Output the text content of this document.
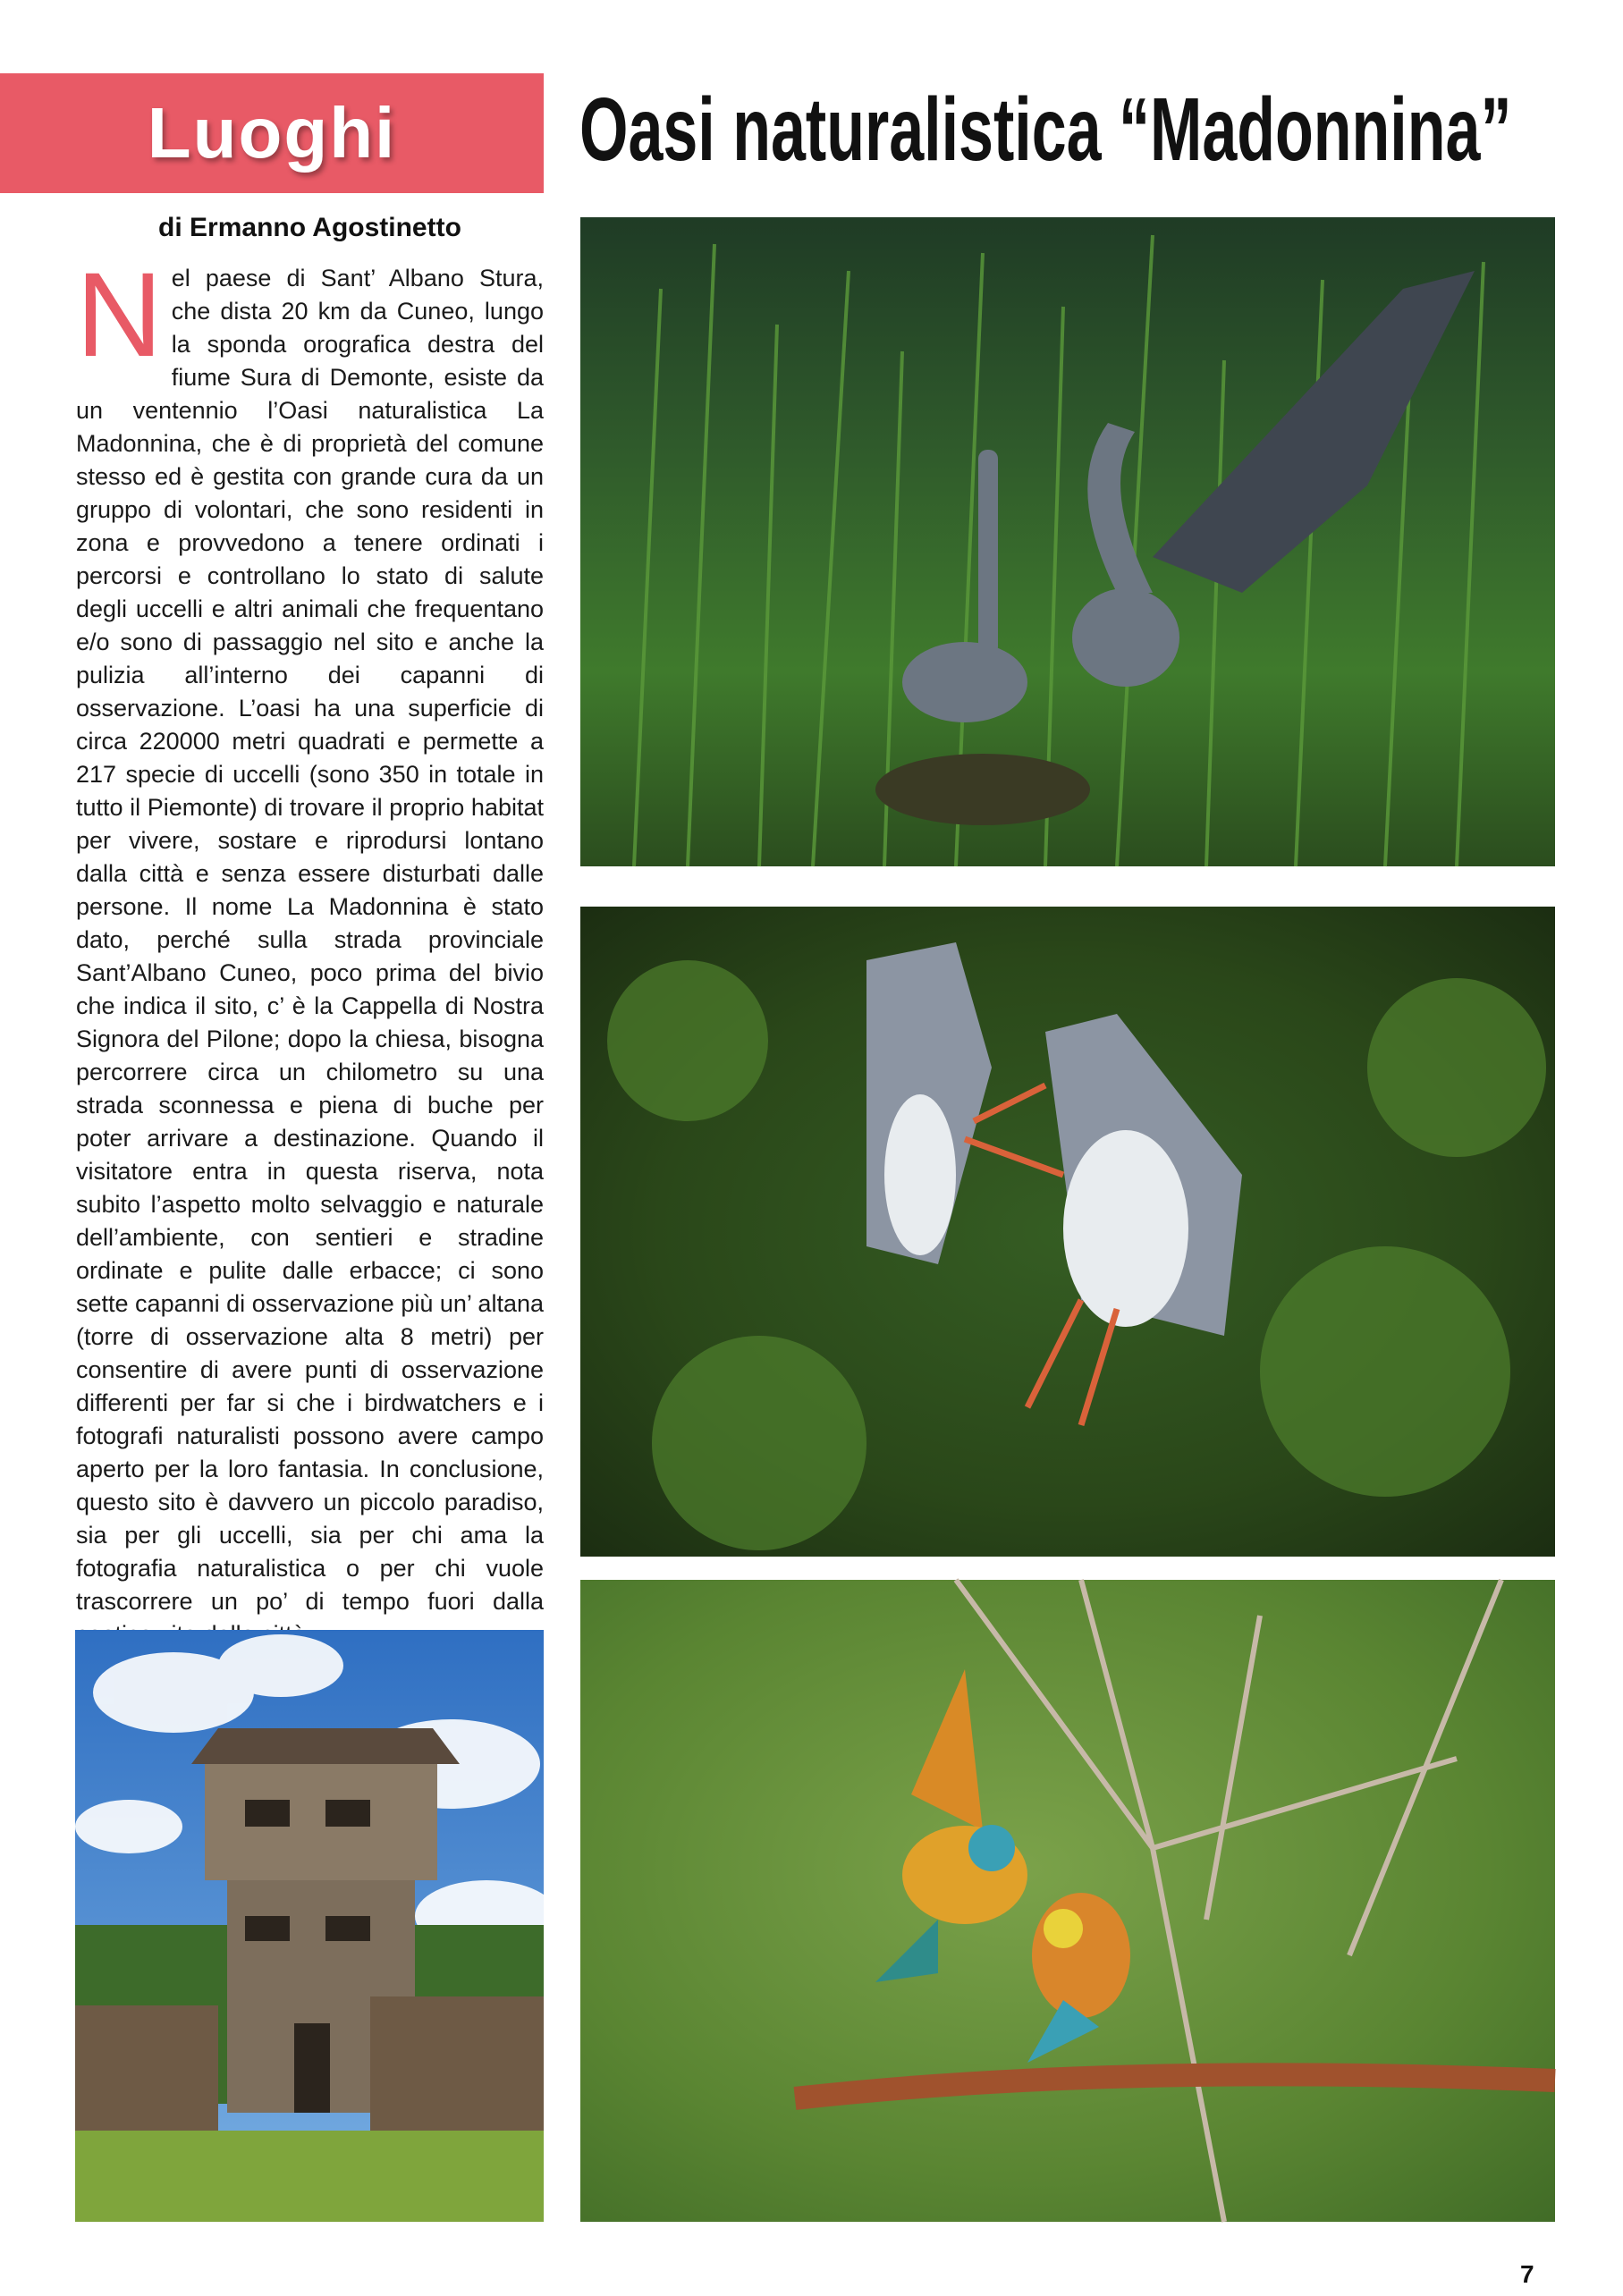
Luoghi	Oasi naturalistica “Madonnina”
di Ermanno Agostinetto
Nel paese di Sant’ Albano Stura, che dista 20 km da Cuneo, lungo la sponda orografica destra del fiume Sura di Demonte, esiste da un ventennio l’Oasi naturalistica La Madonnina, che è di proprietà del comune stesso ed è gestita con grande cura da un gruppo di volontari, che sono residenti in zona e provvedono a tenere ordinati i percorsi e controllano lo stato di salute degli uccelli e altri animali che frequentano e/o sono di passaggio nel sito e anche la pulizia all’interno dei capanni di osservazione. L’oasi ha una superficie di circa 220000 metri quadrati e permette a 217 specie di uccelli (sono 350 in totale in tutto il Piemonte) di trovare il proprio habitat per vivere, sostare e riprodursi lontano dalla città e senza essere disturbati dalle persone. Il nome La Madonnina è stato dato, perché sulla strada provinciale Sant’Albano Cuneo, poco prima del bivio che indica il sito, c’ è la Cappella di Nostra Signora del Pilone; dopo la chiesa, bisogna percorrere circa un chilometro su una strada sconnessa e piena di buche per poter arrivare a destinazione. Quando il visitatore entra in questa riserva, nota subito l’aspetto molto selvaggio e naturale dell’ambiente, con sentieri e stradine ordinate e pulite dalle erbacce; ci sono sette capanni di osservazione più un’ altana (torre di osservazione alta 8 metri) per consentire di avere punti di osservazione differenti per far si che i birdwatchers e i fotografi naturalisti possono avere campo aperto per la loro fantasia. In conclusione, questo sito è davvero un piccolo paradiso, sia per gli uccelli, sia per chi ama la fotografia naturalistica o per chi vuole trascorrere un po’ di tempo fuori dalla
7
